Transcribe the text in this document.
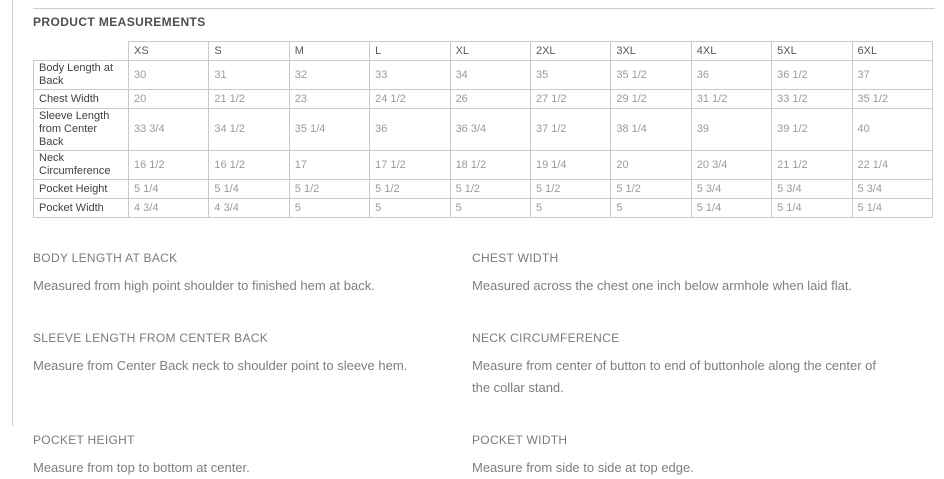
PRODUCT MEASUREMENTS
	XS	S	M	L	XL	2XL	3XL	4XL	5XL	6XL
Body Length at Back	30	31	32	33	34	35	35 1/2	36	36 1/2	37
Chest Width	20	21 1/2	23	24 1/2	26	27 1/2	29 1/2	31 1/2	33 1/2	35 1/2
Sleeve Length from Center Back	33 3/4	34 1/2	35 1/4	36	36 3/4	37 1/2	38 1/4	39	39 1/2	40
Neck Circumference	16 1/2	16 1/2	17	17 1/2	18 1/2	19 1/4	20	20 3/4	21 1/2	22 1/4
Pocket Height	5 1/4	5 1/4	5 1/2	5 1/2	5 1/2	5 1/2	5 1/2	5 3/4	5 3/4	5 3/4
Pocket Width	4 3/4	4 3/4	5	5	5	5	5	5 1/4	5 1/4	5 1/4
BODY LENGTH AT BACK

Measured from high point shoulder to finished hem at back.

CHEST WIDTH

Measured across the chest one inch below armhole when laid flat.

SLEEVE LENGTH FROM CENTER BACK

Measure from Center Back neck to shoulder point to sleeve hem.

NECK CIRCUMFERENCE

Measure from center of button to end of buttonhole along the center of the collar stand.

POCKET HEIGHT

Measure from top to bottom at center.

POCKET WIDTH

Measure from side to side at top edge.
